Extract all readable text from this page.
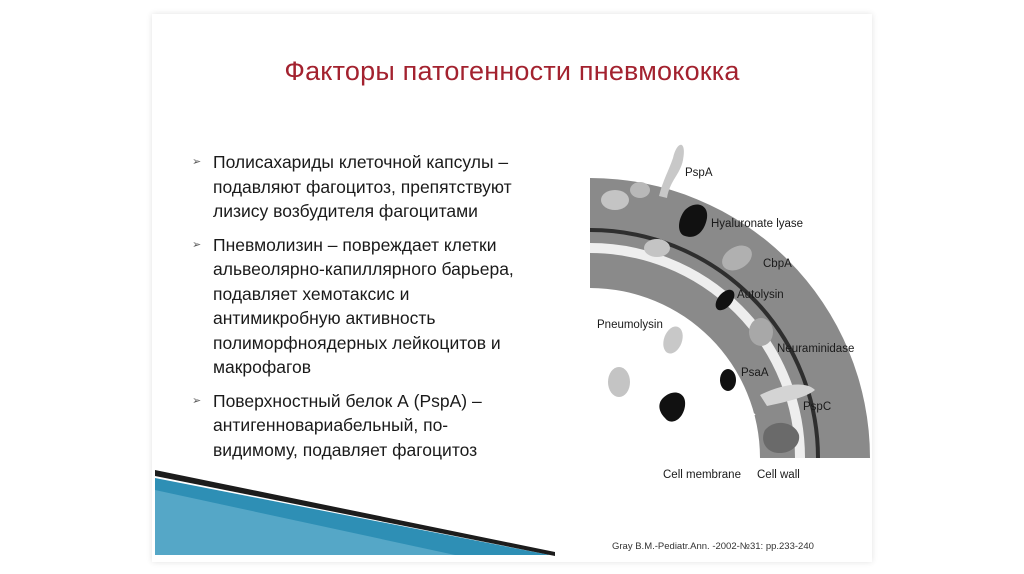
Факторы патогенности пневмококка
➢ Полисахариды клеточной капсулы –
подавляют фагоцитоз, препятствуют
лизису возбудителя фагоцитами
➢ Пневмолизин – повреждает клетки
альвеолярно-капиллярного барьера,
подавляет хемотаксис и
антимикробную активность
полиморфноядерных лейкоцитов и
макрофагов
➢ Поверхностный белок А (PspA) –
антигенновариабельный, по-
видимому, подавляет фагоцитоз
PspA
Hyaluronate lyase
CbpA
Autolysin
Pneumolysin
Neuraminidase
PsaA
PspC
Cell membrane Cell wall
Gray B.M.-Pediatr.Ann. -2002-№31: pp.233-240
